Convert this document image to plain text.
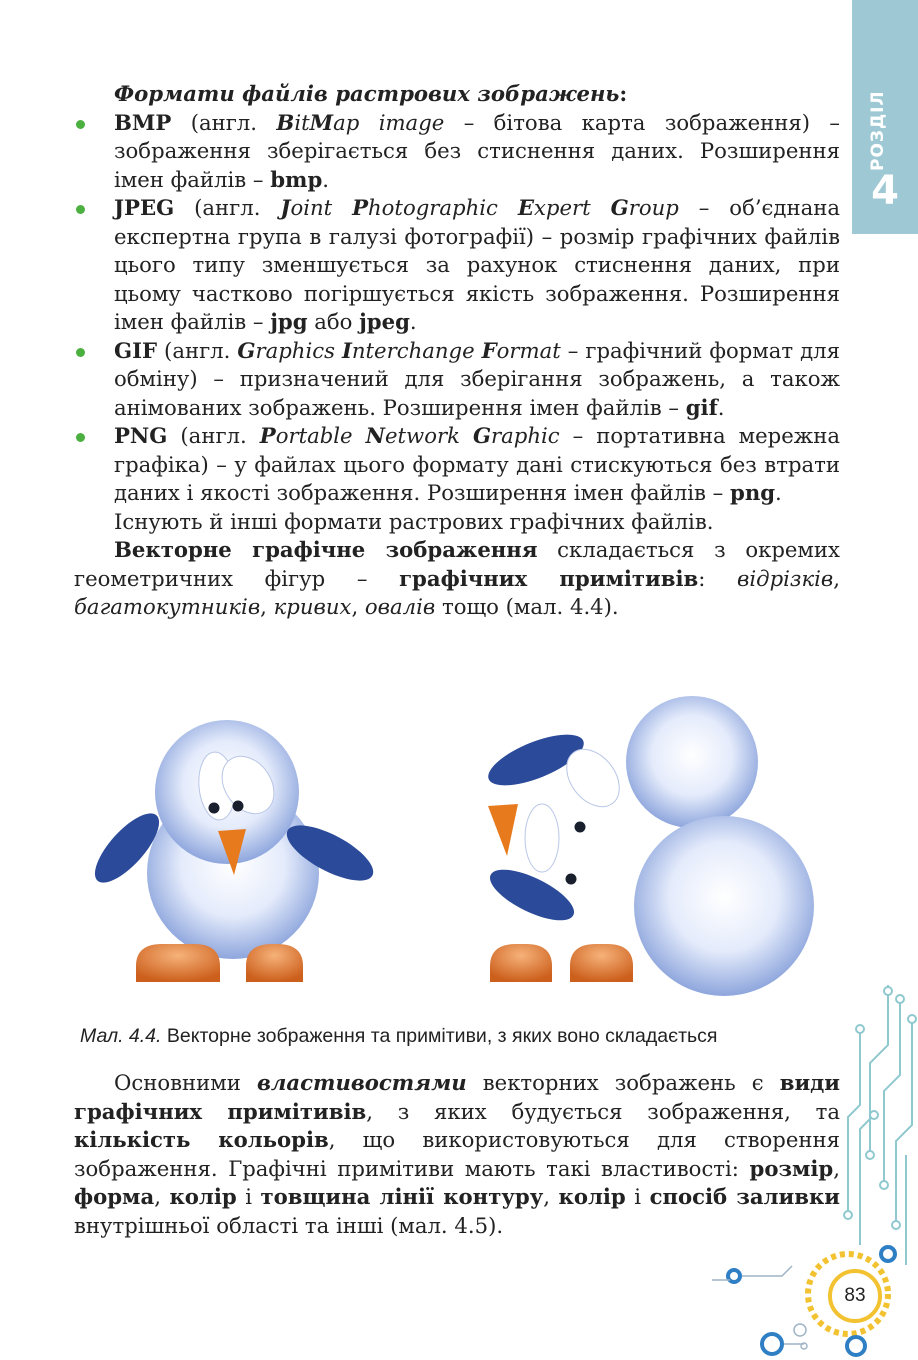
РОЗДІЛ
4
Формати файлів растрових зображень:
BMP (англ. BitMap image – бітова карта зображення) – зображення зберігається без стиснення даних. Розширення імен файлів – bmp.
JPEG (англ. Joint Photographic Expert Group – об’єднана експертна група в галузі фотографії) – розмір графічних файлів цього типу зменшується за рахунок стиснення даних, при цьому частково погіршується якість зображення. Розширення імен файлів – jpg або jpeg.
GIF (англ. Graphics Interchange Format – графічний формат для обміну) – призначений для зберігання зображень, а також анімованих зображень. Розширення імен файлів – gif.
PNG (англ. Portable Network Graphic – портативна мережна графіка) – у файлах цього формату дані стискуються без втрати даних і якості зображення. Розширення імен файлів – png.
Існують й інші формати растрових графічних файлів.
Векторне графічне зображення складається з окремих геометричних фігур – графічних примітивів: відрізків, багатокутників, кривих, овалів тощо (мал. 4.4).
Мал. 4.4. Векторне зображення та примітиви, з яких воно складається
Основними властивостями векторних зображень є види графічних примітивів, з яких будується зображення, та кількість кольорів, що використовуються для створення зображення. Графічні примітиви мають такі властивості: розмір, форма, колір і товщина лінії контуру, колір і спосіб заливки внутрішньої області та інші (мал. 4.5).
83
